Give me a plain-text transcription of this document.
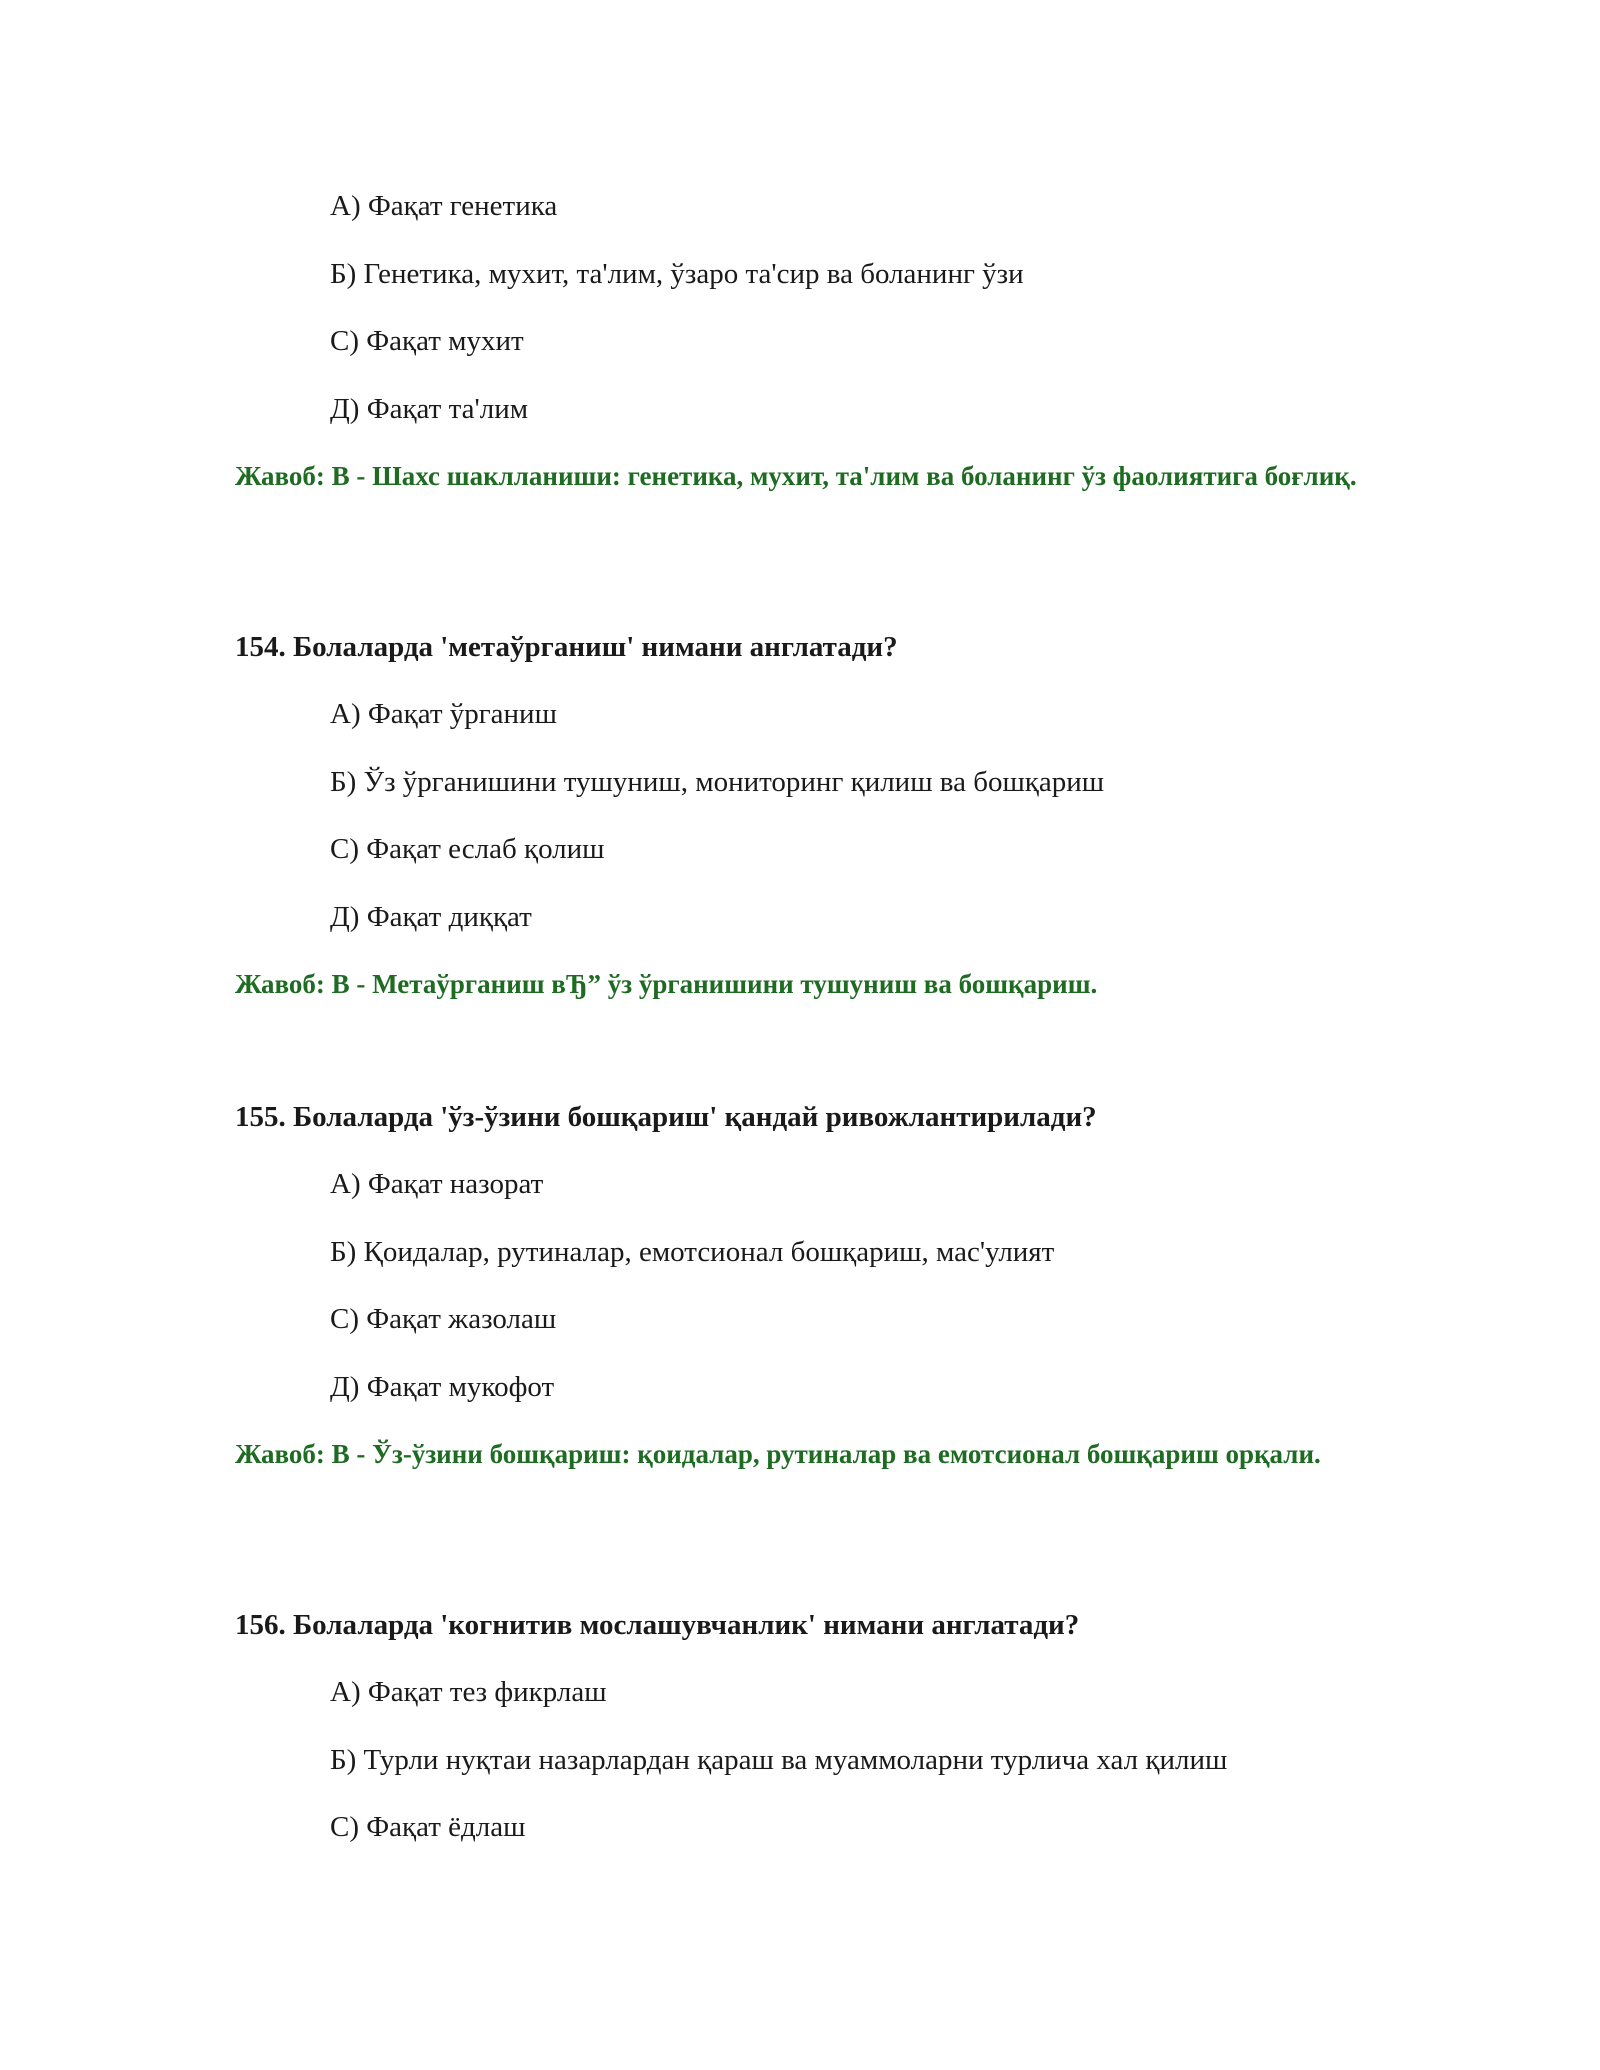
А) Фақат генетика
Б) Генетика, мухит, та'лим, ўзаро та'сир ва боланинг ўзи
С) Фақат мухит
Д) Фақат та'лим
Жавоб: В - Шахс шаклланиши: генетика, мухит, та'лим ва боланинг ўз фаолиятига боғлиқ.
154. Болаларда 'метаўрганиш' нимани англатади?
А) Фақат ўрганиш
Б) Ўз ўрганишини тушуниш, мониторинг қилиш ва бошқариш
С) Фақат еслаб қолиш
Д) Фақат диққат
Жавоб: В - Метаўрганиш вЂ” ўз ўрганишини тушуниш ва бошқариш.
155. Болаларда 'ўз-ўзини бошқариш' қандай ривожлантирилади?
А) Фақат назорат
Б) Қоидалар, рутиналар, емотсионал бошқариш, мас'улият
С) Фақат жазолаш
Д) Фақат мукофот
Жавоб: В - Ўз-ўзини бошқариш: қоидалар, рутиналар ва емотсионал бошқариш орқали.
156. Болаларда 'когнитив мослашувчанлик' нимани англатади?
А) Фақат тез фикрлаш
Б) Турли нуқтаи назарлардан қараш ва муаммоларни турлича хал қилиш
С) Фақат ёдлаш
